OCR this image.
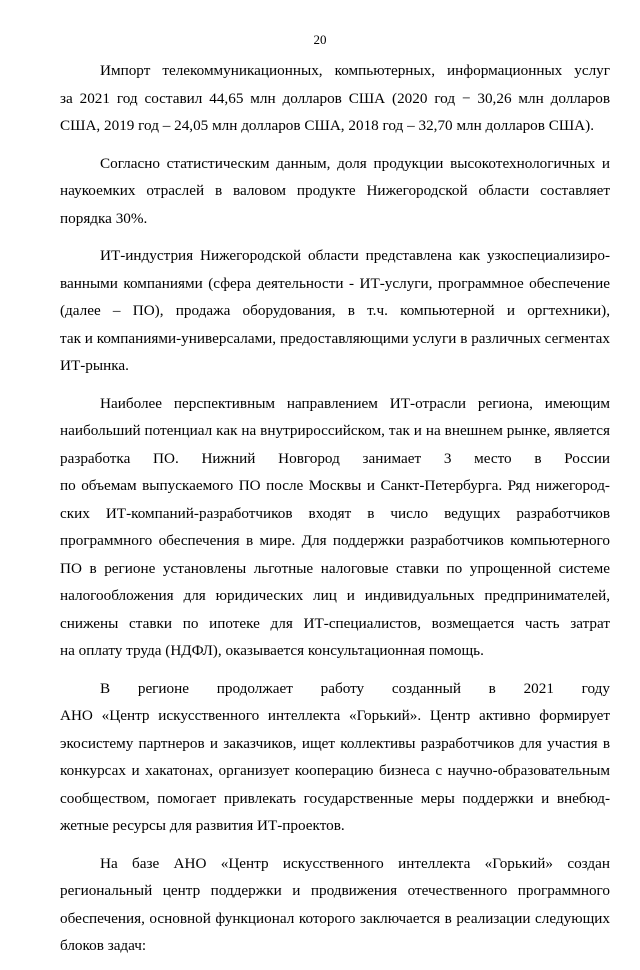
20
Импорт телекоммуникационных, компьютерных, информационных услуг
за 2021 год составил 44,65 млн долларов США (2020 год − 30,26 млн долларов
США, 2019 год – 24,05 млн долларов США, 2018 год – 32,70 млн долларов США).
Согласно статистическим данным, доля продукции высокотехнологичных и
наукоемких отраслей в валовом продукте Нижегородской области составляет
порядка 30%.
ИТ-индустрия Нижегородской области представлена как узкоспециализиро-
ванными компаниями (сфера деятельности - ИТ-услуги, программное обеспечение
(далее – ПО), продажа оборудования, в т.ч. компьютерной и оргтехники),
так и компаниями-универсалами, предоставляющими услуги в различных сегментах
ИТ-рынка.
Наиболее перспективным направлением ИТ-отрасли региона, имеющим
наибольший потенциал как на внутрироссийском, так и на внешнем рынке, является
разработка ПО. Нижний Новгород занимает 3 место в России
по объемам выпускаемого ПО после Москвы и Санкт-Петербурга. Ряд нижегород-
ских ИТ-компаний-разработчиков входят в число ведущих разработчиков
программного обеспечения в мире. Для поддержки разработчиков компьютерного
ПО в регионе установлены льготные налоговые ставки по упрощенной системе
налогообложения для юридических лиц и индивидуальных предпринимателей,
снижены ставки по ипотеке для ИТ-специалистов, возмещается часть затрат
на оплату труда (НДФЛ), оказывается консультационная помощь.
В регионе продолжает работу созданный в 2021 году
АНО «Центр искусственного интеллекта «Горький». Центр активно формирует
экосистему партнеров и заказчиков, ищет коллективы разработчиков для участия в
конкурсах и хакатонах, организует кооперацию бизнеса с научно-образовательным
сообществом, помогает привлекать государственные меры поддержки и внебюд-
жетные ресурсы для развития ИТ-проектов.
На базе АНО «Центр искусственного интеллекта «Горький» создан
региональный центр поддержки и продвижения отечественного программного
обеспечения, основной функционал которого заключается в реализации следующих
блоков задач:
